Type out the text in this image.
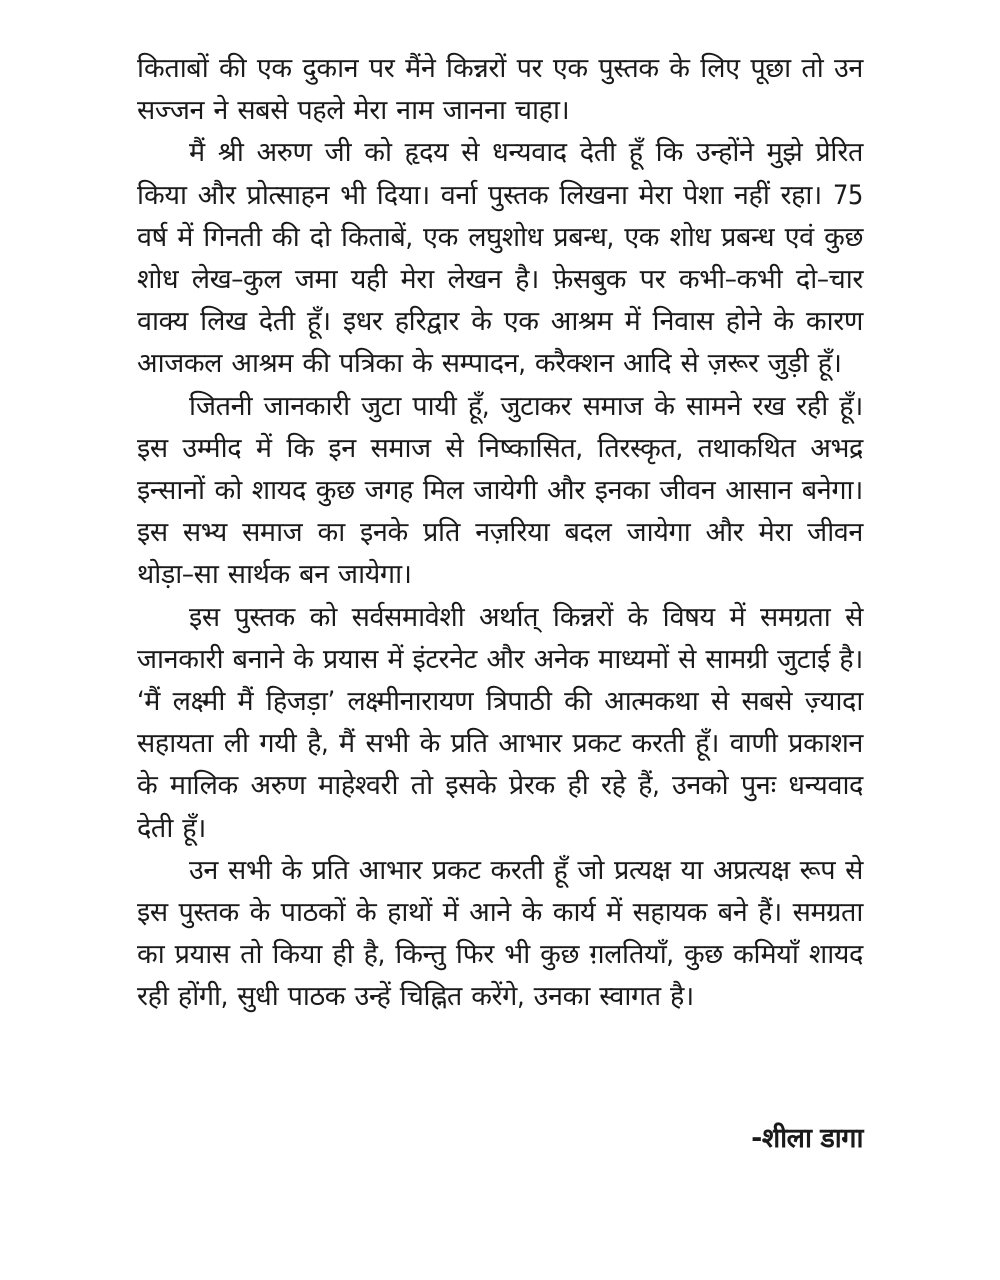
किताबों की एक दुकान पर मैंने किन्नरों पर एक पुस्तक के लिए पूछा तो उन सज्जन ने सबसे पहले मेरा नाम जानना चाहा।

मैं श्री अरुण जी को हृदय से धन्यवाद देती हूँ कि उन्होंने मुझे प्रेरित किया और प्रोत्साहन भी दिया। वर्ना पुस्तक लिखना मेरा पेशा नहीं रहा। 75 वर्ष में गिनती की दो किताबें, एक लघुशोध प्रबन्ध, एक शोध प्रबन्ध एवं कुछ शोध लेख–कुल जमा यही मेरा लेखन है। फ़ेसबुक पर कभी–कभी दो–चार वाक्य लिख देती हूँ। इधर हरिद्वार के एक आश्रम में निवास होने के कारण आजकल आश्रम की पत्रिका के सम्पादन, करैक्शन आदि से ज़रूर जुड़ी हूँ।

जितनी जानकारी जुटा पायी हूँ, जुटाकर समाज के सामने रख रही हूँ। इस उम्मीद में कि इन समाज से निष्कासित, तिरस्कृत, तथाकथित अभद्र इन्सानों को शायद कुछ जगह मिल जायेगी और इनका जीवन आसान बनेगा। इस सभ्य समाज का इनके प्रति नज़रिया बदल जायेगा और मेरा जीवन थोड़ा–सा सार्थक बन जायेगा।

इस पुस्तक को सर्वसमावेशी अर्थात् किन्नरों के विषय में समग्रता से जानकारी बनाने के प्रयास में इंटरनेट और अनेक माध्यमों से सामग्री जुटाई है। ‘मैं लक्ष्मी मैं हिजड़ा’ लक्ष्मीनारायण त्रिपाठी की आत्मकथा से सबसे ज़्यादा सहायता ली गयी है, मैं सभी के प्रति आभार प्रकट करती हूँ। वाणी प्रकाशन के मालिक अरुण माहेश्वरी तो इसके प्रेरक ही रहे हैं, उनको पुनः धन्यवाद देती हूँ।

उन सभी के प्रति आभार प्रकट करती हूँ जो प्रत्यक्ष या अप्रत्यक्ष रूप से इस पुस्तक के पाठकों के हाथों में आने के कार्य में सहायक बने हैं। समग्रता का प्रयास तो किया ही है, किन्तु फिर भी कुछ ग़लतियाँ, कुछ कमियाँ शायद रही होंगी, सुधी पाठक उन्हें चिह्नित करेंगे, उनका स्वागत है।

-शीला डागा
